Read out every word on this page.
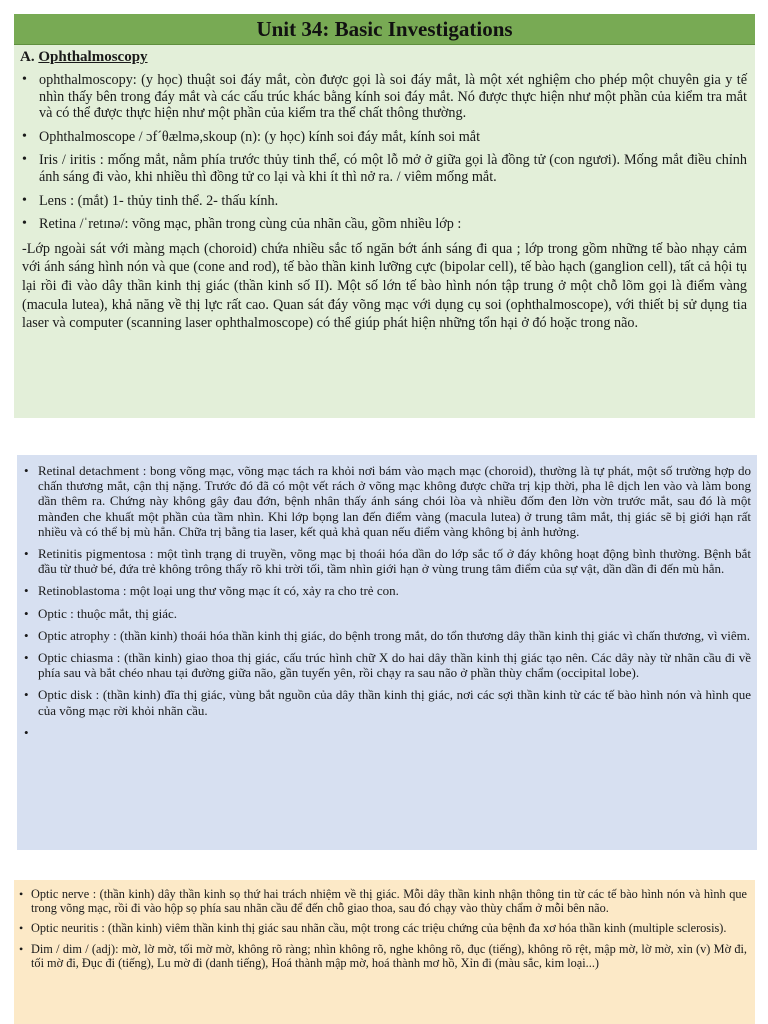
Unit 34: Basic Investigations
A. Ophthalmoscopy
• ophthalmoscopy: (y học) thuật soi đáy mắt, còn được gọi là soi đáy mắt, là một xét nghiệm cho phép một chuyên gia y tế nhìn thấy bên trong đáy mắt và các cấu trúc khác bằng kính soi đáy mắt. Nó được thực hiện như một phần của kiểm tra mắt và có thể được thực hiện như một phần của kiểm tra thể chất thông thường.
• Ophthalmoscope / ɔf´θælmə,skoup (n): (y học) kính soi đáy mắt, kính soi mắt
• Iris / iritis : mống mắt, nằm phía trước thủy tinh thể, có một lỗ mở ở giữa gọi là đồng tử (con ngươi). Mống mắt điều chỉnh ánh sáng đi vào, khi nhiều thì đồng tử co lại và khi ít thì nở ra. / viêm mống mắt.
• Lens : (mắt) 1- thủy tinh thể. 2- thấu kính.
• Retina /ˈretɪnə/: võng mạc, phần trong cùng của nhãn cầu, gồm nhiều lớp :
-Lớp ngoài sát với màng mạch (choroid) chứa nhiều sắc tố ngăn bớt ánh sáng đi qua ; lớp trong gồm những tế bào nhạy cảm với ánh sáng hình nón và que (cone and rod), tế bào thần kinh lưỡng cực (bipolar cell), tế bào hạch (ganglion cell), tất cả hội tụ lại rồi đi vào dây thần kinh thị giác (thần kinh số II). Một số lớn tế bào hình nón tập trung ở một chỗ lõm gọi là điểm vàng (macula lutea), khả năng về thị lực rất cao. Quan sát đáy võng mạc với dụng cụ soi (ophthalmoscope), với thiết bị sử dụng tia laser và computer (scanning laser ophthalmoscope) có thể giúp phát hiện những tổn hại ở đó hoặc trong não.
• Retinal detachment : bong võng mạc, võng mạc tách ra khỏi nơi bám vào mạch mạc (choroid), thường là tự phát, một số trường hợp do chấn thương mắt, cận thị nặng. Trước đó đã có một vết rách ở võng mạc không được chữa trị kịp thời, pha lê dịch len vào và làm bong dần thêm ra. Chứng này không gây đau đớn, bệnh nhân thấy ánh sáng chói lòa và nhiều đốm đen lờn vờn trước mắt, sau đó là một mànđen che khuất một phần của tầm nhìn. Khi lớp bọng lan đến điểm vàng (macula lutea) ở trung tâm mắt, thị giác sẽ bị giới hạn rất nhiều và có thể bị mù hẳn. Chữa trị bằng tia laser, kết quả khả quan nếu điểm vàng không bị ảnh hưởng.
• Retinitis pigmentosa : một tình trạng di truyền, võng mạc bị thoái hóa dần do lớp sắc tố ở đáy không hoạt động bình thường. Bệnh bắt đầu từ thuở bé, đứa trẻ không trông thấy rõ khi trời tối, tầm nhìn giới hạn ở vùng trung tâm điểm của sự vật, dần dần đi đến mù hẳn.
• Retinoblastoma : một loại ung thư võng mạc ít có, xảy ra cho trẻ con.
• Optic : thuộc mắt, thị giác.
• Optic atrophy : (thần kinh) thoái hóa thần kinh thị giác, do bệnh trong mắt, do tổn thương dây thần kinh thị giác vì chấn thương, vì viêm.
• Optic chiasma : (thần kinh) giao thoa thị giác, cấu trúc hình chữ X do hai dây thần kinh thị giác tạo nên. Các dây này từ nhãn cầu đi về phía sau và bắt chéo nhau tại đường giữa não, gần tuyến yên, rồi chạy ra sau não ở phần thùy chẩm (occipital lobe).
• Optic disk : (thần kinh) đĩa thị giác, vùng bắt nguồn của dây thần kinh thị giác, nơi các sợi thần kinh từ các tế bào hình nón và hình que của võng mạc rời khỏi nhãn cầu.
• Optic nerve : (thần kinh) dây thần kinh sọ thứ hai trách nhiệm về thị giác. Mỗi dây thần kinh nhận thông tin từ các tế bào hình nón và hình que trong võng mạc, rồi đi vào hộp sọ phía sau nhãn cầu để đến chỗ giao thoa, sau đó chạy vào thùy chẩm ở mỗi bên não.
• Optic neuritis : (thần kinh) viêm thần kinh thị giác sau nhãn cầu, một trong các triệu chứng của bệnh đa xơ hóa thần kinh (multiple sclerosis).
• Dim / dim / (adj): mờ, lờ mờ, tối mờ mờ, không rõ ràng; nhìn không rõ, nghe không rõ, đục (tiếng), không rõ rệt, mập mờ, lờ mờ, xỉn (v) Mờ đi, tối mờ đi, Đục đi (tiếng), Lu mờ đi (danh tiếng), Hoá thành mập mờ, hoá thành mơ hồ, Xỉn đi (màu sắc, kim loại...)
